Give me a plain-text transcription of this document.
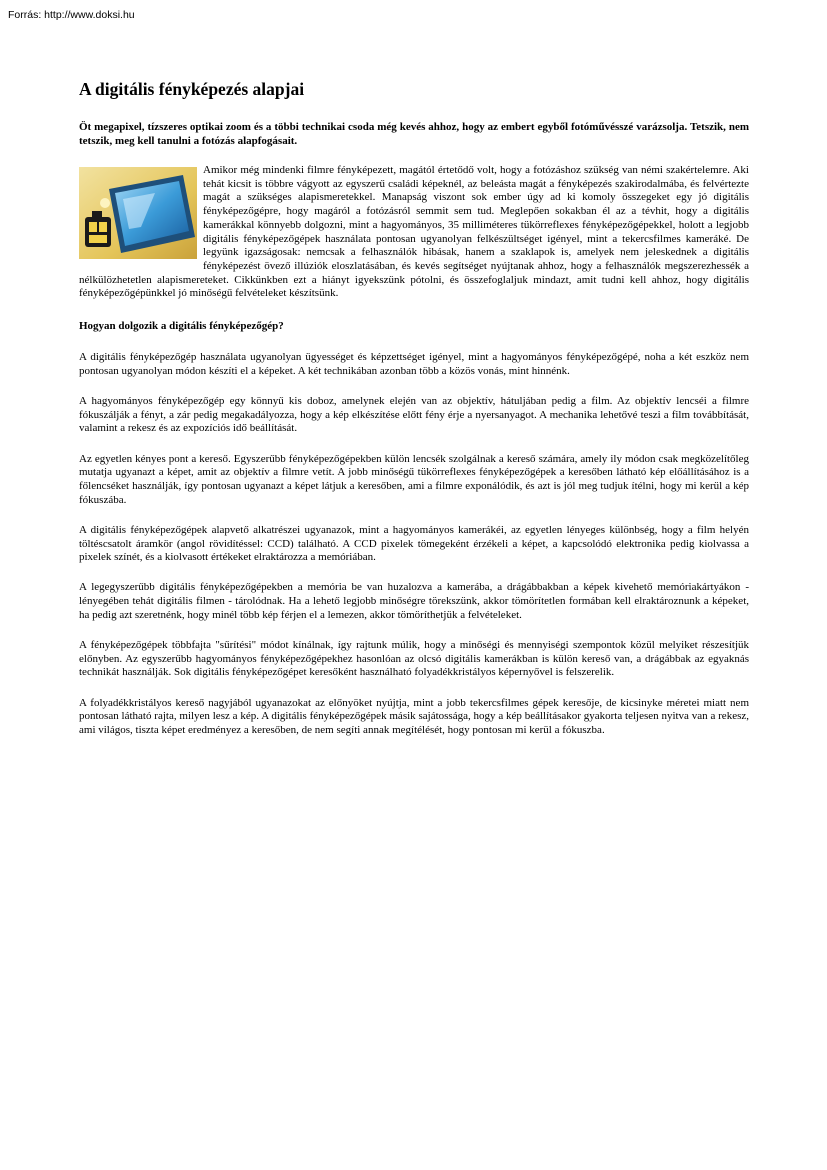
Forrás: http://www.doksi.hu
A digitális fényképezés alapjai
Öt megapixel, tízszeres optikai zoom és a többi technikai csoda még kevés ahhoz, hogy az embert egyből fotóművésszé varázsolja. Tetszik, nem tetszik, meg kell tanulni a fotózás alapfogásait.

Amikor még mindenki filmre fényképezett, magától értetődő volt, hogy a fotózáshoz szükség van némi szakértelemre. Aki tehát kicsit is többre vágyott az egyszerű családi képeknél, az beleásta magát a fényképezés szakirodalmába, és felvértezte magát a szükséges alapismeretekkel. Manapság viszont sok ember úgy ad ki komoly összegeket egy jó digitális fényképezőgépre, hogy magáról a fotózásról semmit sem tud. Meglepően sokakban él az a tévhit, hogy a digitális kamerákkal könnyebb dolgozni, mint a hagyományos, 35 milliméteres tükörreflexes fényképezőgépekkel, holott a legjobb digitális fényképezőgépek használata pontosan ugyanolyan felkészültséget igényel, mint a tekercsfilmes kameráké. De legyünk igazságosak: nemcsak a felhasználók hibásak, hanem a szaklapok is, amelyek nem jeleskednek a digitális fényképezést övező illúziók eloszlatásában, és kevés segítséget nyújtanak ahhoz, hogy a felhasználók megszerezhessék a nélkülözhetetlen alapismereteket. Cikkünkben ezt a hiányt igyekszünk pótolni, és összefoglaljuk mindazt, amit tudni kell ahhoz, hogy digitális fényképezőgépünkkel jó minőségű felvételeket készítsünk.

Hogyan dolgozik a digitális fényképezőgép?

A digitális fényképezőgép használata ugyanolyan ügyességet és képzettséget igényel, mint a hagyományos fényképezőgépé, noha a két eszköz nem pontosan ugyanolyan módon készíti el a képeket. A két technikában azonban több a közös vonás, mint hinnénk.

A hagyományos fényképezőgép egy könnyű kis doboz, amelynek elején van az objektív, hátuljában pedig a film. Az objektív lencséi a filmre fókuszálják a fényt, a zár pedig megakadályozza, hogy a kép elkészítése előtt fény érje a nyersanyagot. A mechanika lehetővé teszi a film továbbítását, valamint a rekesz és az expozíciós idő beállítását.

Az egyetlen kényes pont a kereső. Egyszerűbb fényképezőgépekben külön lencsék szolgálnak a kereső számára, amely ily módon csak megközelítőleg mutatja ugyanazt a képet, amit az objektív a filmre vetít. A jobb minőségű tükörreflexes fényképezőgépek a keresőben látható kép előállításához is a főlencséket használják, így pontosan ugyanazt a képet látjuk a keresőben, ami a filmre exponálódik, és azt is jól meg tudjuk ítélni, hogy mi kerül a kép fókuszába.

A digitális fényképezőgépek alapvető alkatrészei ugyanazok, mint a hagyományos kamerákéi, az egyetlen lényeges különbség, hogy a film helyén töltéscsatolt áramkör (angol rövidítéssel: CCD) található. A CCD pixelek tömegeként érzékeli a képet, a kapcsolódó elektronika pedig kiolvassa a pixelek színét, és a kiolvasott értékeket elraktározza a memóriában.

A legegyszerűbb digitális fényképezőgépekben a memória be van huzalozva a kamerába, a drágábbakban a képek kivehető memóriakártyákon - lényegében tehát digitális filmen - tárolódnak. Ha a lehető legjobb minőségre törekszünk, akkor tömörítetlen formában kell elraktároznunk a képeket, ha pedig azt szeretnénk, hogy minél több kép férjen el a lemezen, akkor tömöríthetjük a felvételeket.

A fényképezőgépek többfajta "sűrítési" módot kínálnak, így rajtunk múlik, hogy a minőségi és mennyiségi szempontok közül melyiket részesítjük előnyben. Az egyszerűbb hagyományos fényképezőgépekhez hasonlóan az olcsó digitális kamerákban is külön kereső van, a drágábbak az egyaknás technikát használják. Sok digitális fényképezőgépet keresőként használható folyadékkristályos képernyővel is felszerelik.

A folyadékkristályos kereső nagyjából ugyanazokat az előnyöket nyújtja, mint a jobb tekercsfilmes gépek keresője, de kicsinyke méretei miatt nem pontosan látható rajta, milyen lesz a kép. A digitális fényképezőgépek másik sajátossága, hogy a kép beállításakor gyakorta teljesen nyitva van a rekesz, ami világos, tiszta képet eredményez a keresőben, de nem segíti annak megítélését, hogy pontosan mi kerül a fókuszba.
